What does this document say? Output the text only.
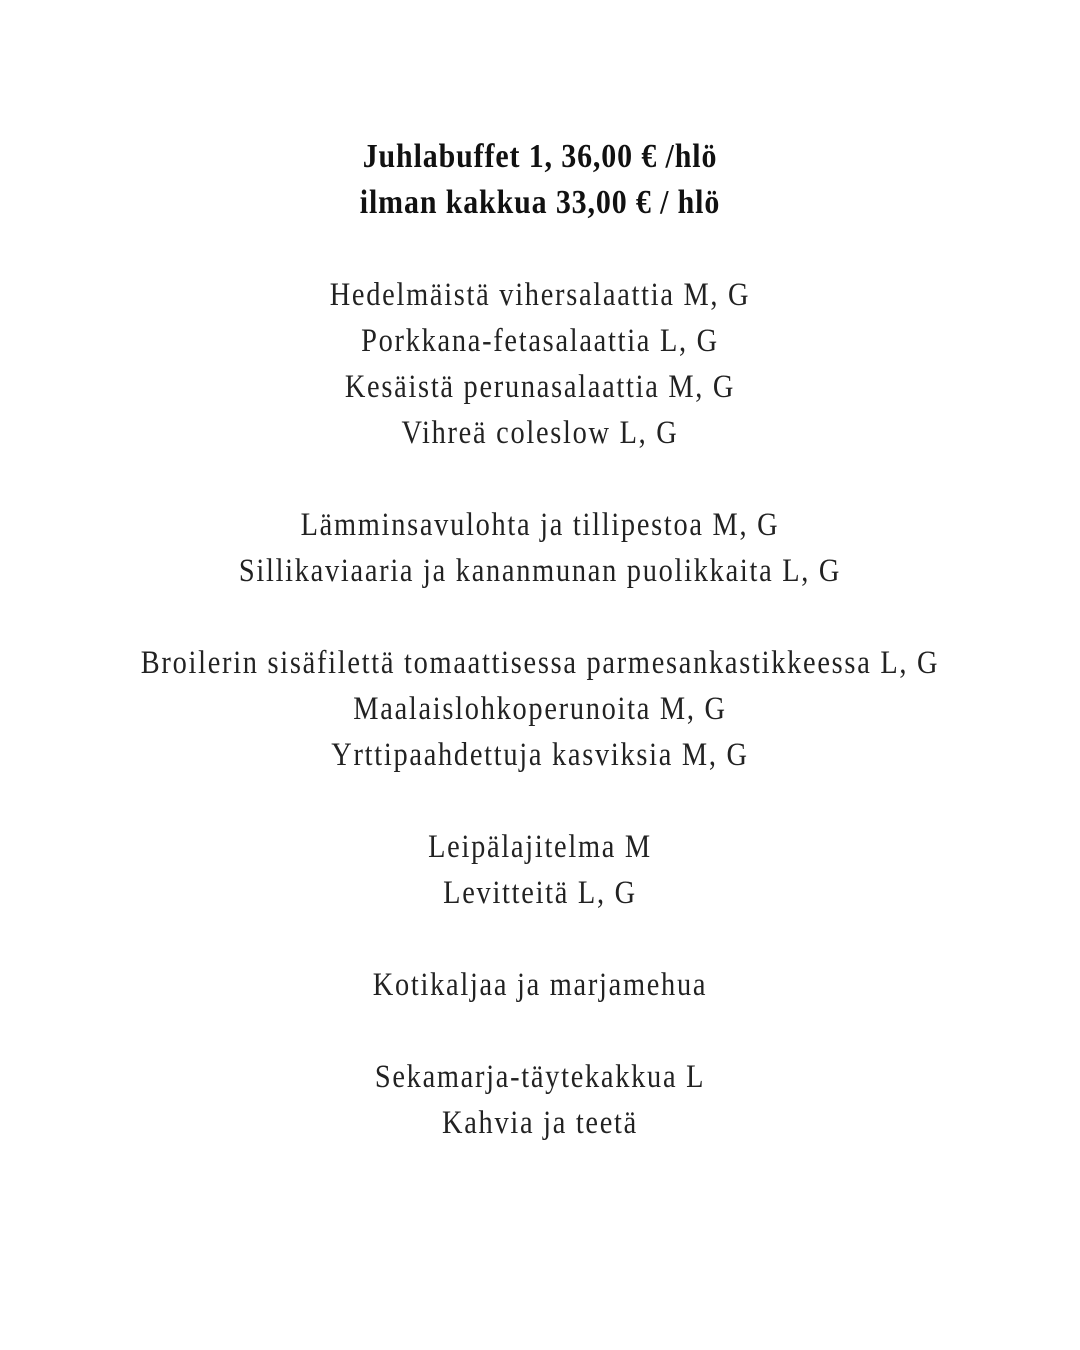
Juhlabuffet 1, 36,00 € /hlö
ilman kakkua 33,00 € / hlö
Hedelmäistä vihersalaattia M, G
Porkkana-fetasalaattia L, G
Kesäistä perunasalaattia M, G
Vihreä coleslow L, G
Lämminsavulohta ja tillipestoa M, G
Sillikaviaaria ja kananmunan puolikkaita L, G
Broilerin sisäfilettä tomaattisessa parmesankastikkeessa L, G
Maalaislohkoperunoita M, G
Yrttipaahdettuja kasviksia M, G
Leipälajitelma M
Levitteitä L, G
Kotikaljaa ja marjamehua
Sekamarja-täytekakkua L
Kahvia ja teetä
